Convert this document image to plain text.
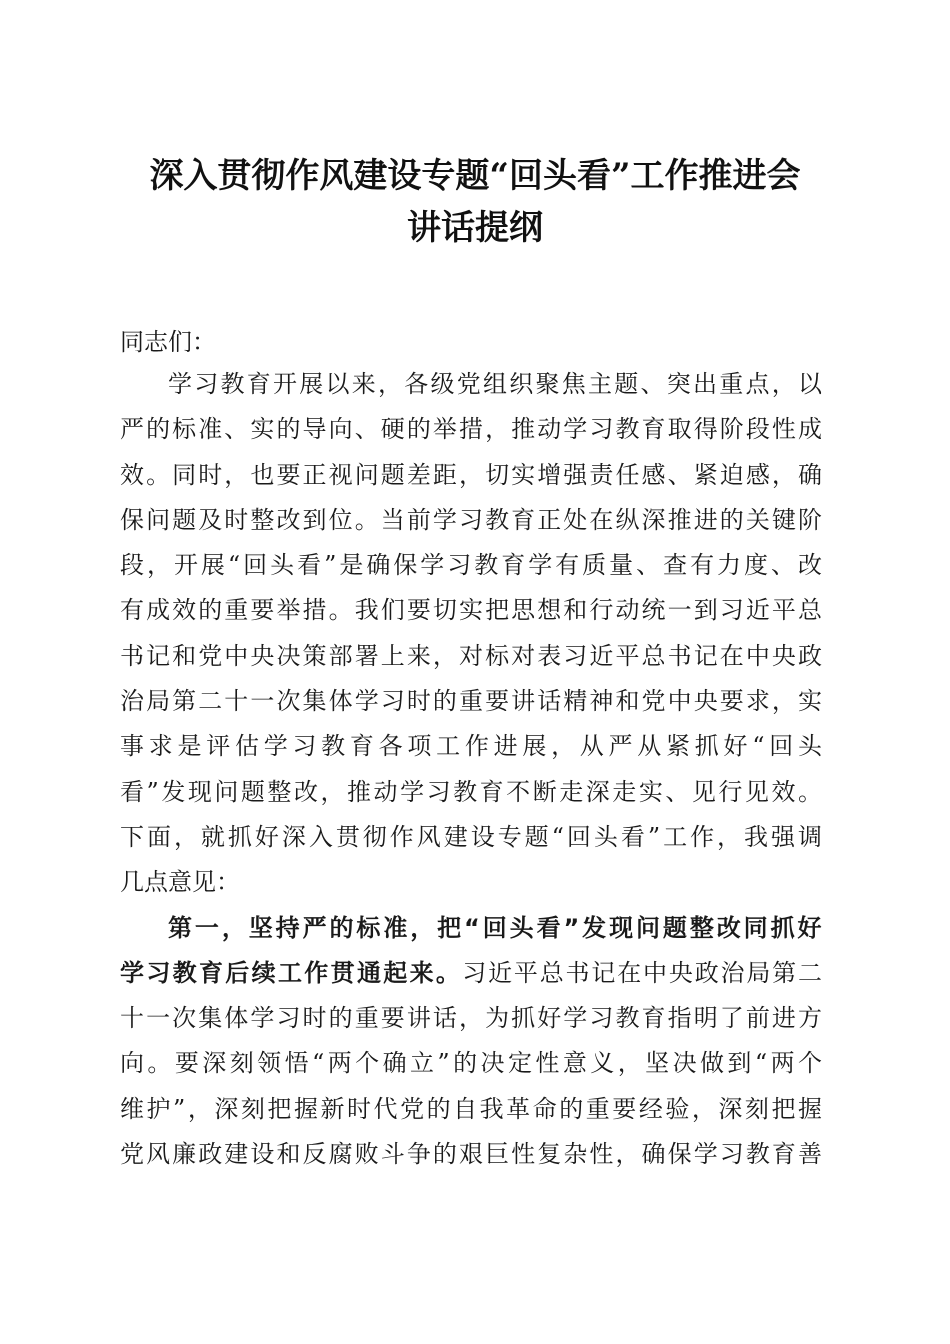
深入贯彻作风建设专题“回头看”工作推进会
讲话提纲
同志们：

学习教育开展以来，各级党组织聚焦主题、突出重点，以
严的标准、实的导向、硬的举措，推动学习教育取得阶段性成
效。同时，也要正视问题差距，切实增强责任感、紧迫感，确
保问题及时整改到位。当前学习教育正处在纵深推进的关键阶
段，开展“回头看”是确保学习教育学有质量、查有力度、改
有成效的重要举措。我们要切实把思想和行动统一到习近平总
书记和党中央决策部署上来，对标对表习近平总书记在中央政
治局第二十一次集体学习时的重要讲话精神和党中央要求，实
事求是评估学习教育各项工作进展，从严从紧抓好“回头
看”发现问题整改，推动学习教育不断走深走实、见行见效。
下面，就抓好深入贯彻作风建设专题“回头看”工作，我强调
几点意见：

第一，坚持严的标准，把“回头看”发现问题整改同抓好
学习教育后续工作贯通起来。习近平总书记在中央政治局第二
十一次集体学习时的重要讲话，为抓好学习教育指明了前进方
向。要深刻领悟“两个确立”的决定性意义，坚决做到“两个
维护”，深刻把握新时代党的自我革命的重要经验，深刻把握
党风廉政建设和反腐败斗争的艰巨性复杂性，确保学习教育善
